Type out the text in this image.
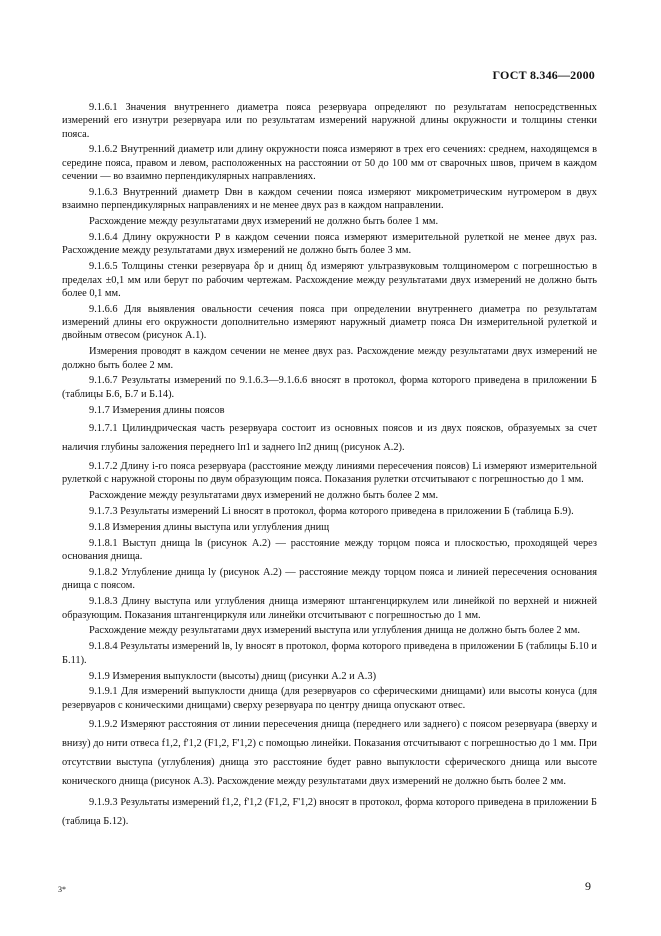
ГОСТ 8.346—2000

9.1.6.1 Значения внутреннего диаметра пояса резервуара определяют по результатам непосредственных измерений его изнутри резервуара или по результатам измерений наружной длины окружности и толщины стенки пояса.

9.1.6.2 Внутренний диаметр или длину окружности пояса измеряют в трех его сечениях: среднем, находящемся в середине пояса, правом и левом, расположенных на расстоянии от 50 до 100 мм от сварочных швов, причем в каждом сечении — во взаимно перпендикулярных направлениях.

9.1.6.3 Внутренний диаметр Dвн в каждом сечении пояса измеряют микрометрическим нутромером в двух взаимно перпендикулярных направлениях и не менее двух раз в каждом направлении.

Расхождение между результатами двух измерений не должно быть более 1 мм.

9.1.6.4 Длину окружности P в каждом сечении пояса измеряют измерительной рулеткой не менее двух раз. Расхождение между результатами двух измерений не должно быть более 3 мм.

9.1.6.5 Толщины стенки резервуара δр и днищ δд измеряют ультразвуковым толщиномером с погрешностью в пределах ±0,1 мм или берут по рабочим чертежам. Расхождение между результатами двух измерений не должно быть более 0,1 мм.

9.1.6.6 Для выявления овальности сечения пояса при определении внутреннего диаметра по результатам измерений длины его окружности дополнительно измеряют наружный диаметр пояса Dн измерительной рулеткой и двойным отвесом (рисунок А.1).

Измерения проводят в каждом сечении не менее двух раз. Расхождение между результатами двух измерений не должно быть более 2 мм.

9.1.6.7 Результаты измерений по 9.1.6.3—9.1.6.6 вносят в протокол, форма которого приведена в приложении Б (таблицы Б.6, Б.7 и Б.14).

9.1.7 Измерения длины поясов

9.1.7.1 Цилиндрическая часть резервуара состоит из основных поясов и из двух поясков, образуемых за счет наличия глубины заложения переднего lп1 и заднего lп2 днищ (рисунок А.2).

9.1.7.2 Длину i-го пояса резервуара (расстояние между линиями пересечения поясов) Li измеряют измерительной рулеткой с наружной стороны по двум образующим пояса. Показания рулетки отсчитывают с погрешностью до 1 мм.

Расхождение между результатами двух измерений не должно быть более 2 мм.

9.1.7.3 Результаты измерений Li вносят в протокол, форма которого приведена в приложении Б (таблица Б.9).

9.1.8 Измерения длины выступа или углубления днищ

9.1.8.1 Выступ днища lв (рисунок А.2) — расстояние между торцом пояса и плоскостью, проходящей через основания днища.

9.1.8.2 Углубление днища lу (рисунок А.2) — расстояние между торцом пояса и линией пересечения основания днища с поясом.

9.1.8.3 Длину выступа или углубления днища измеряют штангенциркулем или линейкой по верхней и нижней образующим. Показания штангенциркуля или линейки отсчитывают с погрешностью до 1 мм.

Расхождение между результатами двух измерений выступа или углубления днища не должно быть более 2 мм.

9.1.8.4 Результаты измерений lв, lу вносят в протокол, форма которого приведена в приложении Б (таблицы Б.10 и Б.11).

9.1.9 Измерения выпуклости (высоты) днищ (рисунки А.2 и А.3)

9.1.9.1 Для измерений выпуклости днища (для резервуаров со сферическими днищами) или высоты конуса (для резервуаров с коническими днищами) сверху резервуара по центру днища опускают отвес.

9.1.9.2 Измеряют расстояния от линии пересечения днища (переднего или заднего) с поясом резервуара (вверху и внизу) до нити отвеса f1,2, f'1,2 (F1,2, F'1,2) с помощью линейки. Показания отсчитывают с погрешностью до 1 мм. При отсутствии выступа (углубления) днища это расстояние будет равно выпуклости сферического днища или высоте конического днища (рисунок А.3). Расхождение между результатами двух измерений не должно быть более 2 мм.

9.1.9.3 Результаты измерений f1,2, f'1,2 (F1,2, F'1,2) вносят в протокол, форма которого приведена в приложении Б (таблица Б.12).

3*	9
